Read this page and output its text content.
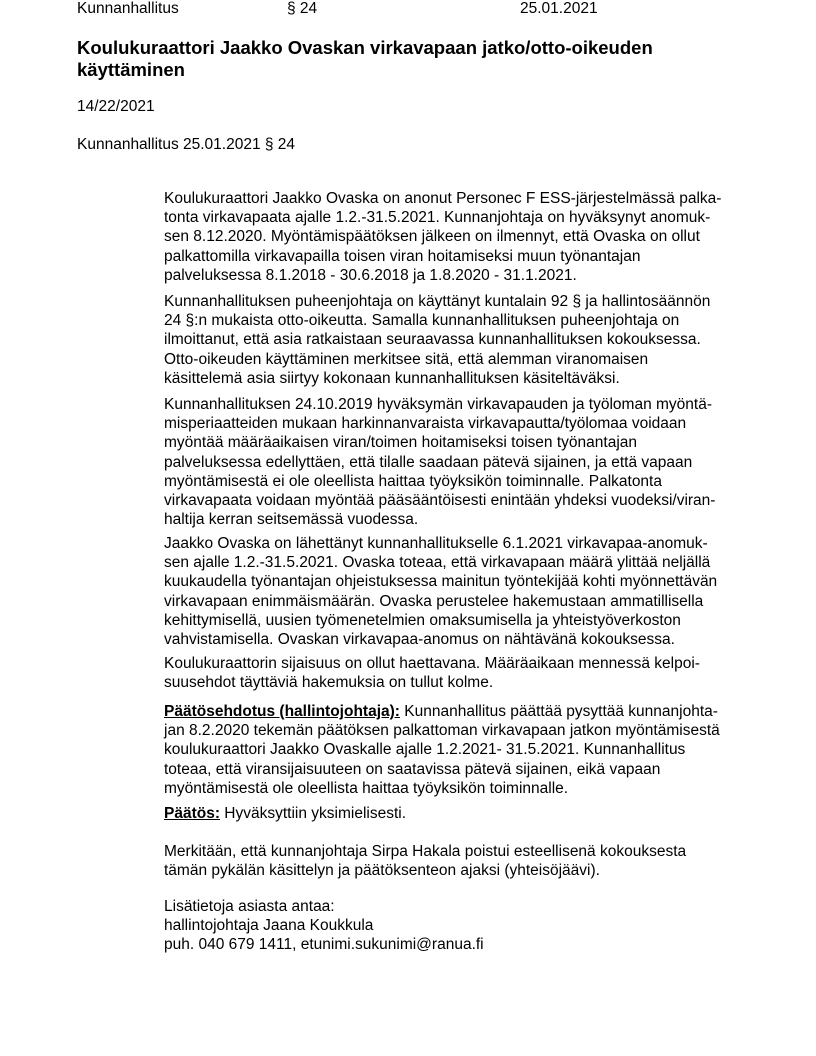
Kunnanhallitus	§ 24	25.01.2021
Koulukuraattori Jaakko Ovaskan virkavapaan jatko/otto-oikeuden käyttäminen
14/22/2021
Kunnanhallitus 25.01.2021 § 24
Koulukuraattori Jaakko Ovaska on anonut Personec F ESS-järjestelmässä palka-
tonta virkavapaata ajalle 1.2.-31.5.2021. Kunnanjohtaja on hyväksynyt anomuk-
sen 8.12.2020. Myöntämispäätöksen jälkeen on ilmennyt, että Ovaska on ollut
palkattomilla virkavapailla toisen viran hoitamiseksi muun työnantajan
palveluksessa 8.1.2018 - 30.6.2018 ja 1.8.2020 - 31.1.2021.
Kunnanhallituksen puheenjohtaja on käyttänyt kuntalain 92 § ja hallintosäännön
24 §:n mukaista otto-oikeutta. Samalla kunnanhallituksen puheenjohtaja on
ilmoittanut, että asia ratkaistaan seuraavassa kunnanhallituksen kokouksessa.
Otto-oikeuden käyttäminen merkitsee sitä, että alemman viranomaisen
käsittelemä asia siirtyy kokonaan kunnanhallituksen käsiteltäväksi.
Kunnanhallituksen 24.10.2019 hyväksymän virkavapauden ja työloman myöntä-
misperiaatteiden mukaan harkinnanvaraista virkavapautta/työlomaa voidaan
myöntää määräaikaisen viran/toimen hoitamiseksi toisen työnantajan
palveluksessa edellyttäen, että tilalle saadaan pätevä sijainen, ja että vapaan
myöntämisestä ei ole oleellista haittaa työyksikön toiminnalle. Palkatonta
virkavapaata voidaan myöntää pääsääntöisesti enintään yhdeksi vuodeksi/viran-
haltija kerran seitsemässä vuodessa.
Jaakko Ovaska on lähettänyt kunnanhallitukselle 6.1.2021 virkavapaa-anomuk-
sen ajalle 1.2.-31.5.2021. Ovaska toteaa, että virkavapaan määrä ylittää neljällä
kuukaudella työnantajan ohjeistuksessa mainitun työntekijää kohti myönnettävän
virkavapaan enimmäismäärän. Ovaska perustelee hakemustaan ammatillisella
kehittymisellä, uusien työmenetelmien omaksumisella ja yhteistyöverkoston
vahvistamisella. Ovaskan virkavapaa-anomus on nähtävänä kokouksessa.
Koulukuraattorin sijaisuus on ollut haettavana. Määräaikaan mennessä kelpoi-
suusehdot täyttäviä hakemuksia on tullut kolme.
Päätösehdotus (hallintojohtaja): Kunnanhallitus päättää pysyttää kunnanjohta-
jan 8.2.2020 tekemän päätöksen palkattoman virkavapaan jatkon myöntämisestä
koulukuraattori Jaakko Ovaskalle ajalle 1.2.2021- 31.5.2021. Kunnanhallitus
toteaa, että viransijaisuuteen on saatavissa pätevä sijainen, eikä vapaan
myöntämisestä ole oleellista haittaa työyksikön toiminnalle.
Päätös: Hyväksyttiin yksimielisesti.
Merkitään, että kunnanjohtaja Sirpa Hakala poistui esteellisenä kokouksesta
tämän pykälän käsittelyn ja päätöksenteon ajaksi (yhteisöjäävi).
Lisätietoja asiasta antaa:
hallintojohtaja Jaana Koukkula
puh. 040 679 1411, etunimi.sukunimi@ranua.fi
